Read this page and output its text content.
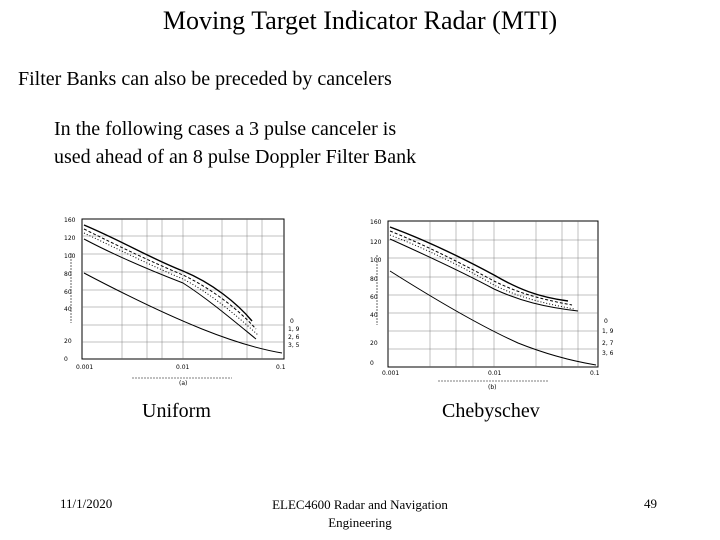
Moving Target Indicator Radar (MTI)
Filter Banks can also be preceded by cancelers
In the following cases a 3 pulse canceler is
used ahead of an 8 pulse Doppler Filter Bank
160
120
100
80
60
40
20
0
0.001	0.01	0.1
(a)
0
1, 9
2, 6
3, 5
160
120
100
80
60
40
20
0
0.001	0.01	0.1
(b)
0
1, 9
2, 7
3, 6
Uniform	Chebyschev
11/1/2020	ELEC4600 Radar and Navigation
Engineering
49
